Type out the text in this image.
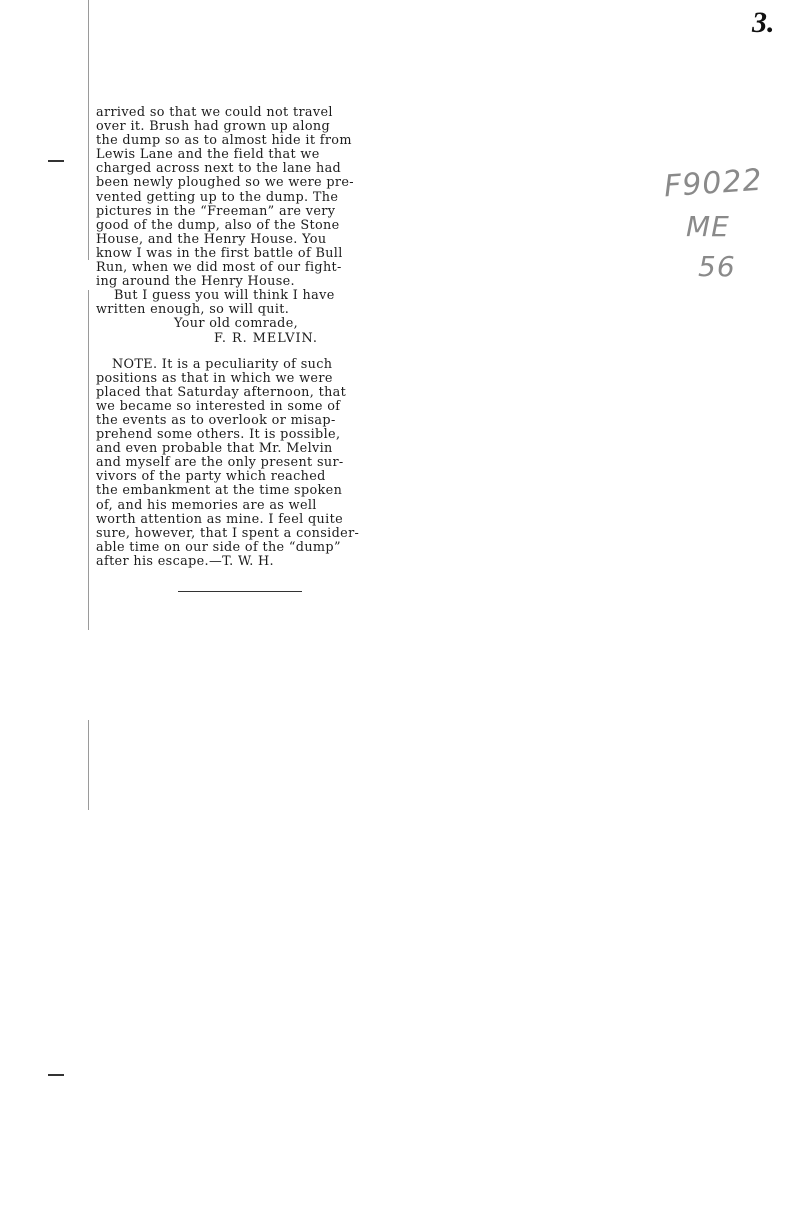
3.
F9022
ME
56
arrived so that we could not travel
over it. Brush had grown up along
the dump so as to almost hide it from
Lewis Lane and the field that we
charged across next to the lane had
been newly ploughed so we were pre-
vented getting up to the dump. The
pictures in the “Freeman” are very
good of the dump, also of the Stone
House, and the Henry House. You
know I was in the first battle of Bull
Run, when we did most of our fight-
ing around the Henry House.
But I guess you will think I have
written enough, so will quit.
Your old comrade,
F. R. MELVIN.
NOTE. It is a peculiarity of such
positions as that in which we were
placed that Saturday afternoon, that
we became so interested in some of
the events as to overlook or misap-
prehend some others. It is possible,
and even probable that Mr. Melvin
and myself are the only present sur-
vivors of the party which reached
the embankment at the time spoken
of, and his memories are as well
worth attention as mine. I feel quite
sure, however, that I spent a consider-
able time on our side of the “dump”
after his escape.—T. W. H.
